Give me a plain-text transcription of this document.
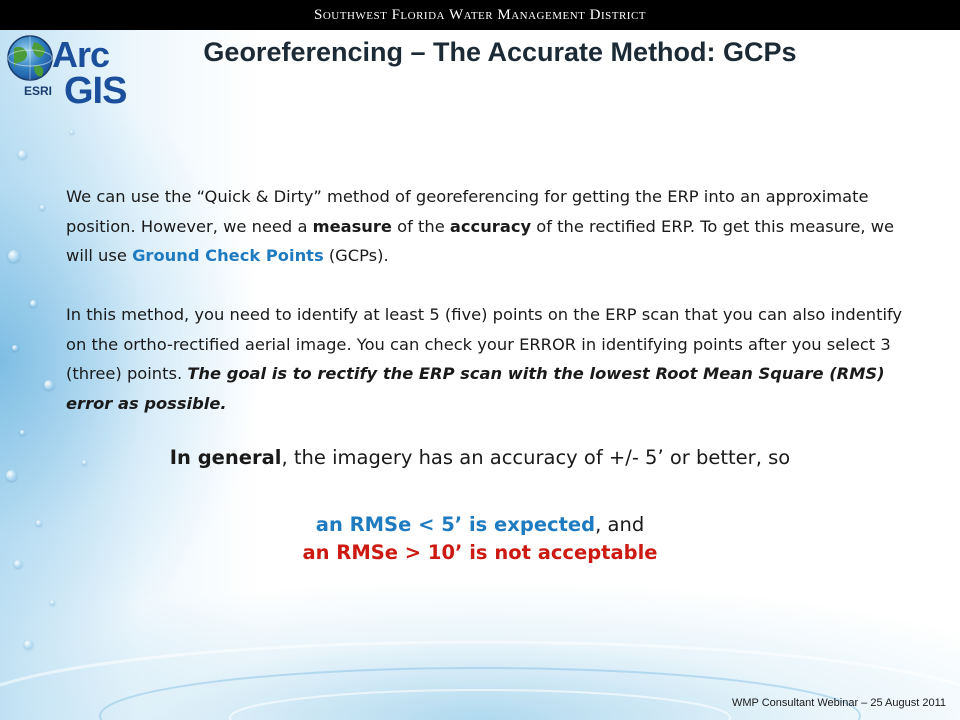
Southwest Florida Water Management District
ESRI
Arc
GIS
Georeferencing – The Accurate Method: GCPs

We can use the “Quick & Dirty” method of georeferencing for getting the ERP into an approximate position. However, we need a measure of the accuracy of the rectified ERP. To get this measure, we will use Ground Check Points (GCPs).

In this method, you need to identify at least 5 (five) points on the ERP scan that you can also indentify on the ortho-rectified aerial image. You can check your ERROR in identifying points after you select 3 (three) points. The goal is to rectify the ERP scan with the lowest Root Mean Square (RMS) error as possible.

In general, the imagery has an accuracy of +/- 5’ or better, so
an RMSe < 5’ is expected, and
an RMSe > 10’ is not acceptable
WMP Consultant Webinar – 25 August 2011
